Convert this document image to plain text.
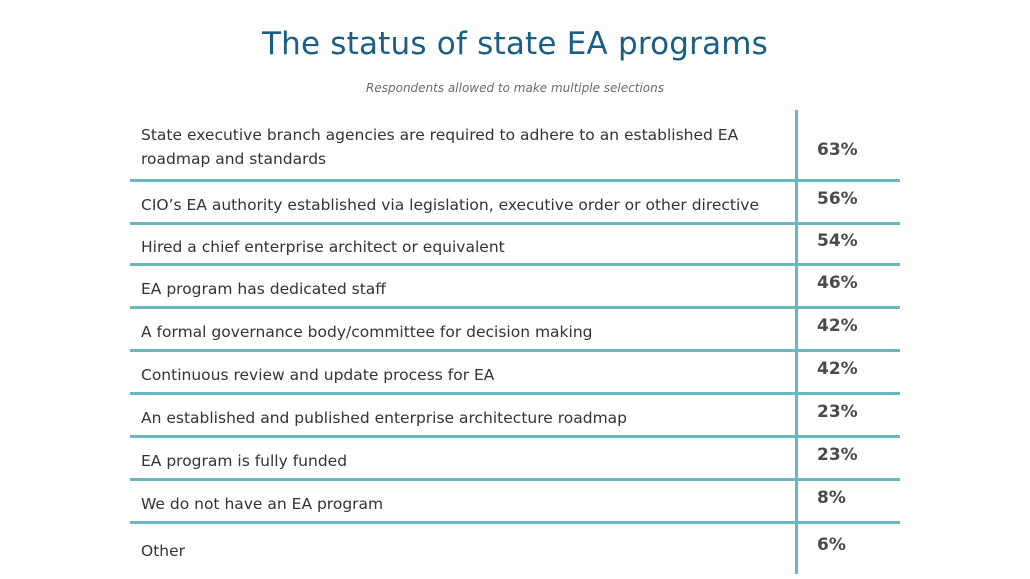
The status of state EA programs
Respondents allowed to make multiple selections
State executive branch agencies are required to adhere to an established EA roadmap and standards	63%
CIO’s EA authority established via legislation, executive order or other directive	56%
Hired a chief enterprise architect or equivalent	54%
EA program has dedicated staff	46%
A formal governance body/committee for decision making	42%
Continuous review and update process for EA	42%
An established and published enterprise architecture roadmap	23%
EA program is fully funded	23%
We do not have an EA program	8%
Other	6%
